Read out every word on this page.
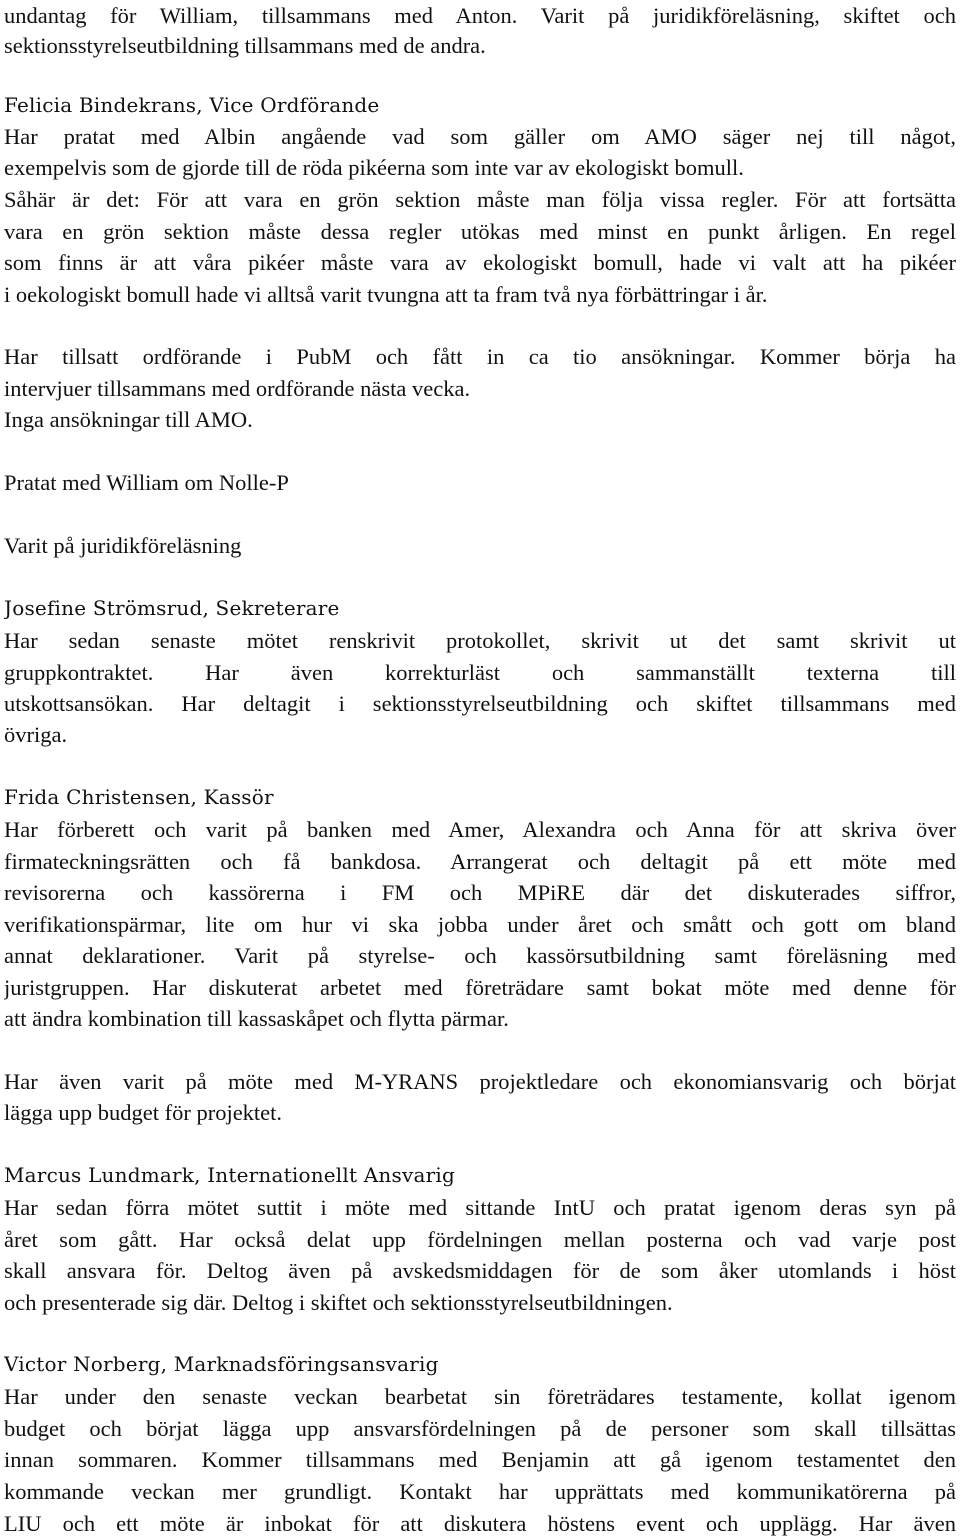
undantag för William, tillsammans med Anton. Varit på juridikföreläsning, skiftet och
sektionsstyrelseutbildning tillsammans med de andra.
Felicia Bindekrans, Vice Ordförande
Har pratat med Albin angående vad som gäller om AMO säger nej till något,
exempelvis som de gjorde till de röda pikéerna som inte var av ekologiskt bomull.
Såhär är det: För att vara en grön sektion måste man följa vissa regler. För att fortsätta
vara en grön sektion måste dessa regler utökas med minst en punkt årligen. En regel
som finns är att våra pikéer måste vara av ekologiskt bomull, hade vi valt att ha pikéer
i oekologiskt bomull hade vi alltså varit tvungna att ta fram två nya förbättringar i år.
Har tillsatt ordförande i PubM och fått in ca tio ansökningar. Kommer börja ha
intervjuer tillsammans med ordförande nästa vecka.
Inga ansökningar till AMO.
Pratat med William om Nolle-P
Varit på juridikföreläsning
Josefine Strömsrud, Sekreterare
Har sedan senaste mötet renskrivit protokollet, skrivit ut det samt skrivit ut
gruppkontraktet. Har även korrekturläst och sammanställt texterna till
utskottsansökan. Har deltagit i sektionsstyrelseutbildning och skiftet tillsammans med
övriga.
Frida Christensen, Kassör
Har förberett och varit på banken med Amer, Alexandra och Anna för att skriva över
firmateckningsrätten och få bankdosa. Arrangerat och deltagit på ett möte med
revisorerna och kassörerna i FM och MPiRE där det diskuterades siffror,
verifikationspärmar, lite om hur vi ska jobba under året och smått och gott om bland
annat deklarationer. Varit på styrelse- och kassörsutbildning samt föreläsning med
juristgruppen. Har diskuterat arbetet med företrädare samt bokat möte med denne för
att ändra kombination till kassaskåpet och flytta pärmar.
Har även varit på möte med M-YRANS projektledare och ekonomiansvarig och börjat
lägga upp budget för projektet.
Marcus Lundmark, Internationellt Ansvarig
Har sedan förra mötet suttit i möte med sittande IntU och pratat igenom deras syn på
året som gått. Har också delat upp fördelningen mellan posterna och vad varje post
skall ansvara för. Deltog även på avskedsmiddagen för de som åker utomlands i höst
och presenterade sig där. Deltog i skiftet och sektionsstyrelseutbildningen.
Victor Norberg, Marknadsföringsansvarig
Har under den senaste veckan bearbetat sin företrädares testamente, kollat igenom
budget och börjat lägga upp ansvarsfördelningen på de personer som skall tillsättas
innan sommaren. Kommer tillsammans med Benjamin att gå igenom testamentet den
kommande veckan mer grundligt. Kontakt har upprättats med kommunikatörerna på
LIU och ett möte är inbokat för att diskutera höstens event och upplägg. Har även
